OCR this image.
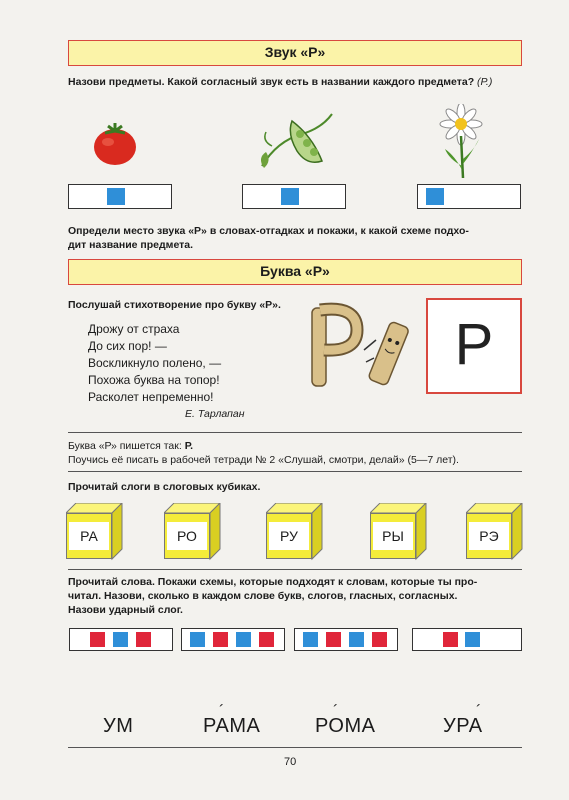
Звук «Р»
Назови предметы. Какой согласный звук есть в названии каждого предмета? (Р.)
Определи место звука «Р» в словах-отгадках и покажи, к какой схеме подхо-
дит название предмета.
Буква «Р»
Послушай стихотворение про букву «Р».
Дрожу от страха
До сих пор! —
Воскликнуло полено, —
Похожа буква на топор!
Расколет непременно!
Е. Тарлапан
Р
Буква «Р» пишется так: Р.
Поучись её писать в рабочей тетради № 2 «Слушай, смотри, делай» (5—7 лет).
Прочитай слоги в слоговых кубиках.
РА	РО	РУ	РЫ	РЭ
Прочитай слова. Покажи схемы, которые подходят к словам, которые ты про-
читал. Назови, сколько в каждом слове букв, слогов, гласных, согласных.
Назови ударный слог.
УМ
´
РАМА
´
РОМА
´
УРА
70
